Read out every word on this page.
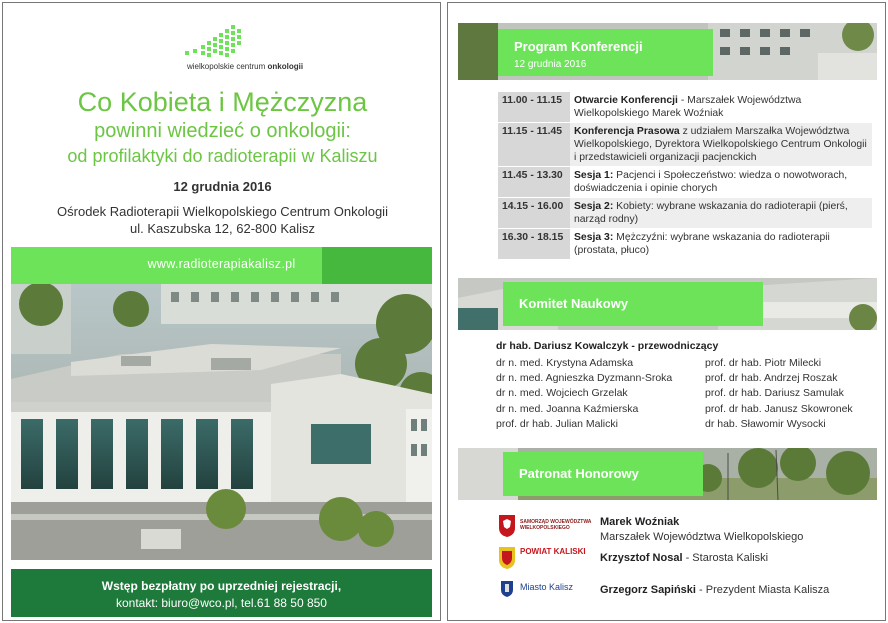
wielkopolskie centrum onkologii
Co Kobieta i Mężczyzna
powinni wiedzieć o onkologii:
od profilaktyki do radioterapii w Kaliszu
12 grudnia 2016
Ośrodek Radioterapii Wielkopolskiego Centrum Onkologii
ul. Kaszubska 12, 62-800 Kalisz
www.radioterapiakalisz.pl
Wstęp bezpłatny po uprzedniej rejestracji,
kontakt: biuro@wco.pl, tel.61 88 50 850
Program Konferencji
12 grudnia 2016
11.00 - 11.15	Otwarcie Konferencji - Marszałek Województwa Wielkopolskiego Marek Woźniak
11.15 - 11.45	Konferencja Prasowa z udziałem Marszałka Województwa Wielkopolskiego, Dyrektora Wielkopolskiego Centrum Onkologii i przedstawicieli organizacji pacjenckich
11.45 - 13.30	Sesja 1: Pacjenci i Społeczeństwo: wiedza o nowotworach, doświadczenia i opinie chorych
14.15 - 16.00	Sesja 2: Kobiety: wybrane wskazania do radioterapii (pierś, narząd rodny)
16.30 - 18.15	Sesja 3: Mężczyźni: wybrane wskazania do radioterapii (prostata, płuco)
Komitet Naukowy
dr hab. Dariusz Kowalczyk - przewodniczący
dr n. med. Krystyna Adamska
dr n. med. Agnieszka Dyzmann-Sroka
dr n. med. Wojciech Grzelak
dr n. med. Joanna Kaźmierska
prof. dr hab. Julian Malicki
prof. dr hab. Piotr Milecki
prof. dr hab. Andrzej Roszak
prof. dr hab. Dariusz Samulak
prof. dr hab. Janusz Skowronek
dr hab. Sławomir Wysocki
Patronat Honorowy
SAMORZĄD WOJEWÓDZTWA
WIELKOPOLSKIEGO	Marek Woźniak
Marszałek Województwa Wielkopolskiego
POWIAT KALISKI
Krzysztof Nosal - Starosta Kaliski
Miasto Kalisz Grzegorz Sapiński - Prezydent Miasta Kalisza
